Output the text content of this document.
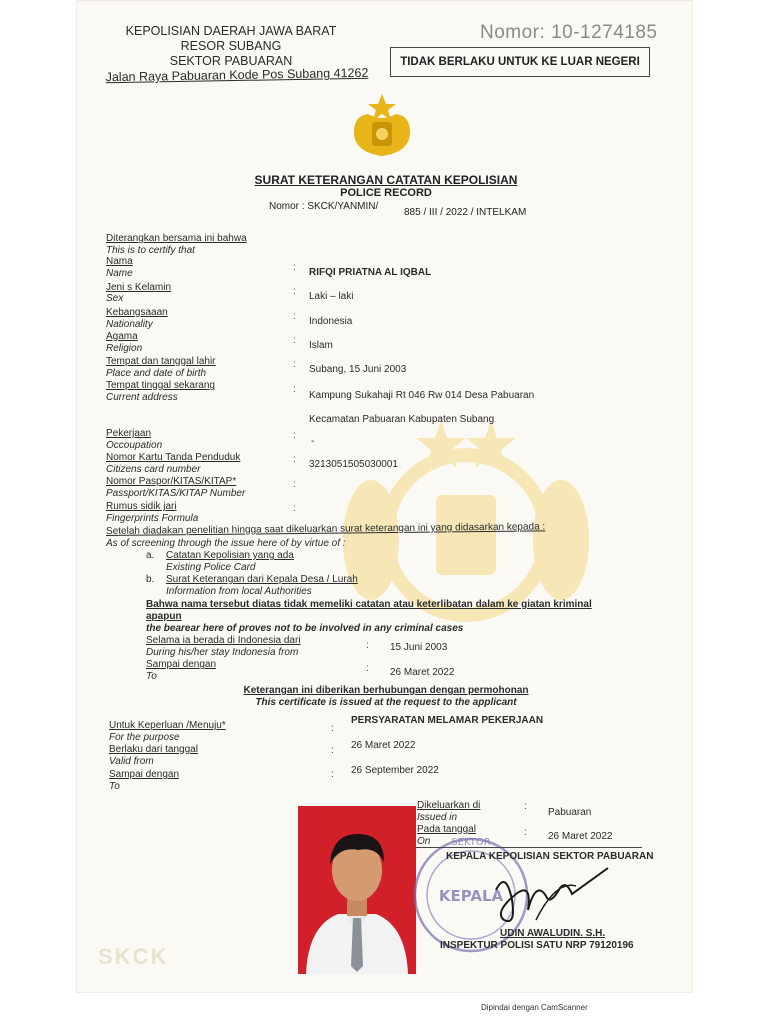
KEPOLISIAN DAERAH JAWA BARAT
RESOR SUBANG
SEKTOR PABUARAN
Jalan Raya Pabuaran Kode Pos Subang 41262
Nomor: 10-1274185
TIDAK BERLAKU UNTUK KE LUAR NEGERI
SURAT KETERANGAN CATATAN KEPOLISIAN
POLICE RECORD
Nomor : SKCK/YANMIN/
885 / III / 2022 / INTELKAM
Diterangkan bersama ini bahwa
This is to certify that
Nama
Name
: RIFQI PRIATNA AL IQBAL
Jeni s Kelamin
Sex
: Laki – laki
Kebangsaaan
Nationality
: Indonesia
Agama
Religion
: Islam
Tempat dan tanggal lahir
Place and date of birth
: Subang, 15 Juni 2003
Tempat tinggal sekarang
Current address
:
Kampung Sukahaji Rt 046 Rw 014 Desa Pabuaran
Kecamatan Pabuaran Kabupaten Subang
Pekerjaan
Occoupation
:
-
Nomor Kartu Tanda Penduduk
Citizens card number
: 3213051505030001
Nomor Paspor/KITAS/KITAP*
Passport/KITAS/KITAP Number
:
Rumus sidik jari
Fingerprints Formula
:
Setelah diadakan penelitian hingga saat dikeluarkan surat keterangan ini yang didasarkan kepada :
As of screening through the issue here of by virtue of :
a. Catatan Kepolisian yang ada
Existing Police Card
b. Surat Keterangan dari Kepala Desa / Lurah
Information from local Authorities
Bahwa nama tersebut diatas tidak memeliki catatan atau keterlibatan dalam ke giatan kriminal
apapun
the bearear here of proves not to be involved in any criminal cases
Selama ia berada di Indonesia dari
During his/her stay Indonesia from
: 15 Juni 2003
Sampai dengan
To
: 26 Maret 2022
Keterangan ini diberikan berhubungan dengan permohonan
This certificate is issued at the request to the applicant
Untuk Keperluan /Menuju*
For the purpose
:
PERSYARATAN MELAMAR PEKERJAAN
Berlaku dari tanggal
Valid from
: 26 Maret 2022
Sampai dengan
To
: 26 September 2022
SEKTOR
KEPALA
Dikeluarkan di
Issued in
:
Pabuaran
Pada tanggal
On
: 26 Maret 2022
KEPALA KEPOLISIAN SEKTOR PABUARAN
UDIN AWALUDIN. S.H.
INSPEKTUR POLISI SATU NRP 79120196
SKCK
Dipindai dengan CamScanner
